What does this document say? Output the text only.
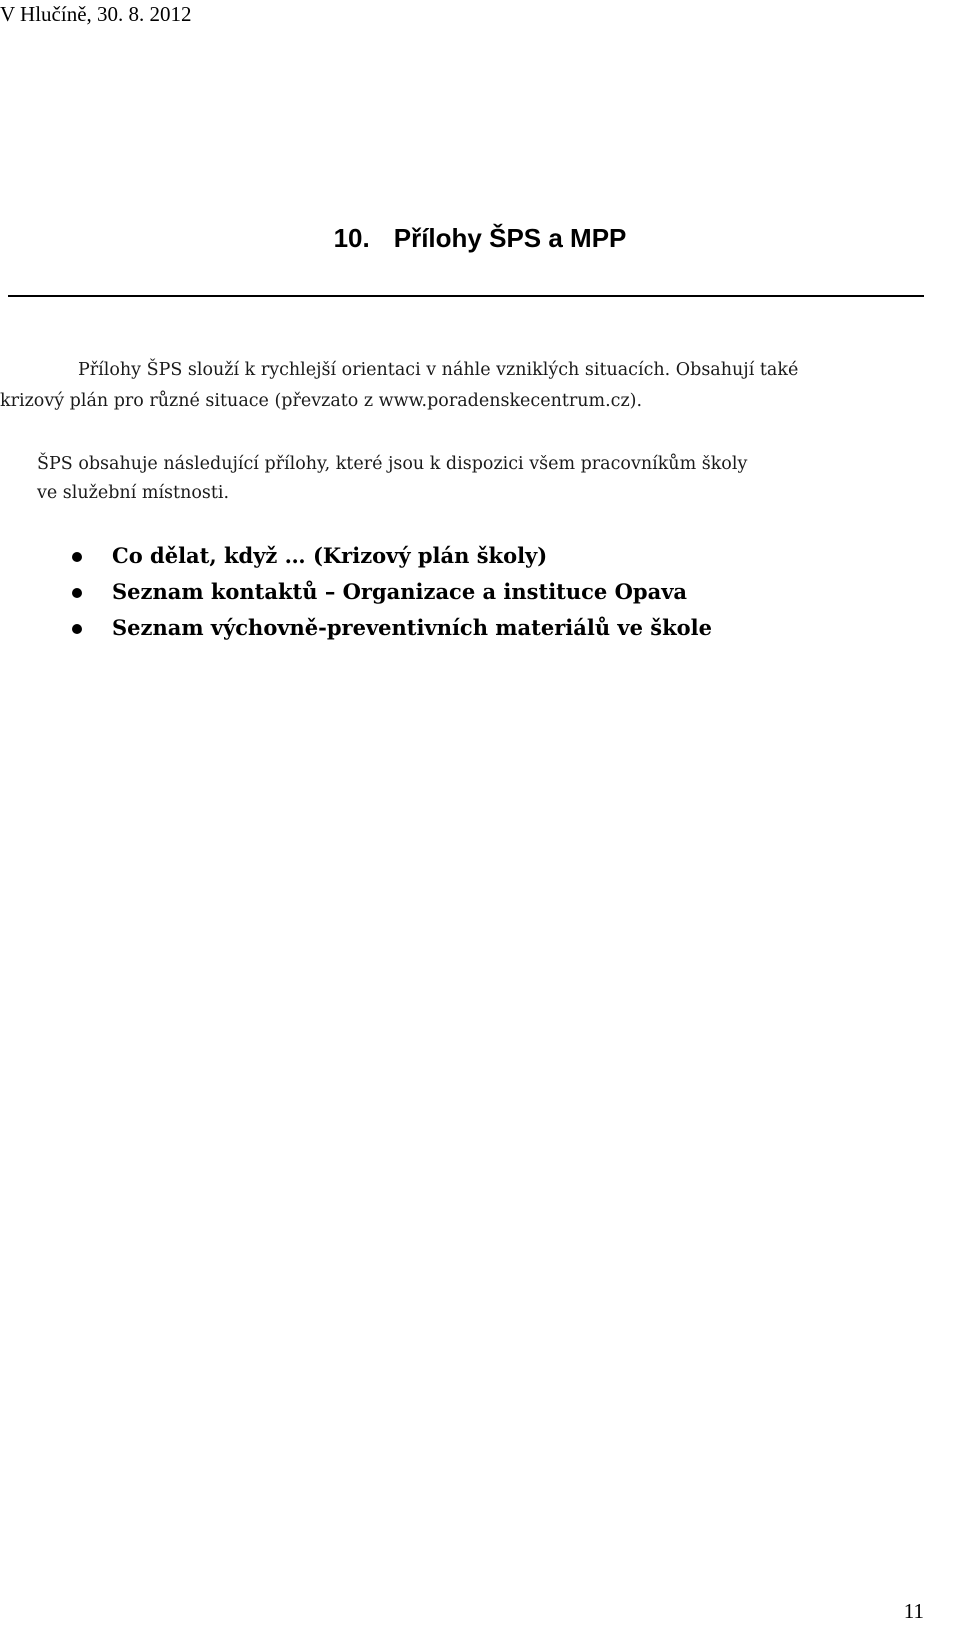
V Hlučíně, 30. 8. 2012
10. Přílohy ŠPS a MPP
Přílohy ŠPS slouží k rychlejší orientaci v náhle vzniklých situacích. Obsahují také
krizový plán pro různé situace (převzato z www.poradenskecentrum.cz).
ŠPS obsahuje následující přílohy, které jsou k dispozici všem pracovníkům školy
ve služební místnosti.
Co dělat, když … (Krizový plán školy)
Seznam kontaktů – Organizace a instituce Opava
Seznam výchovně-preventivních materiálů ve škole
11
